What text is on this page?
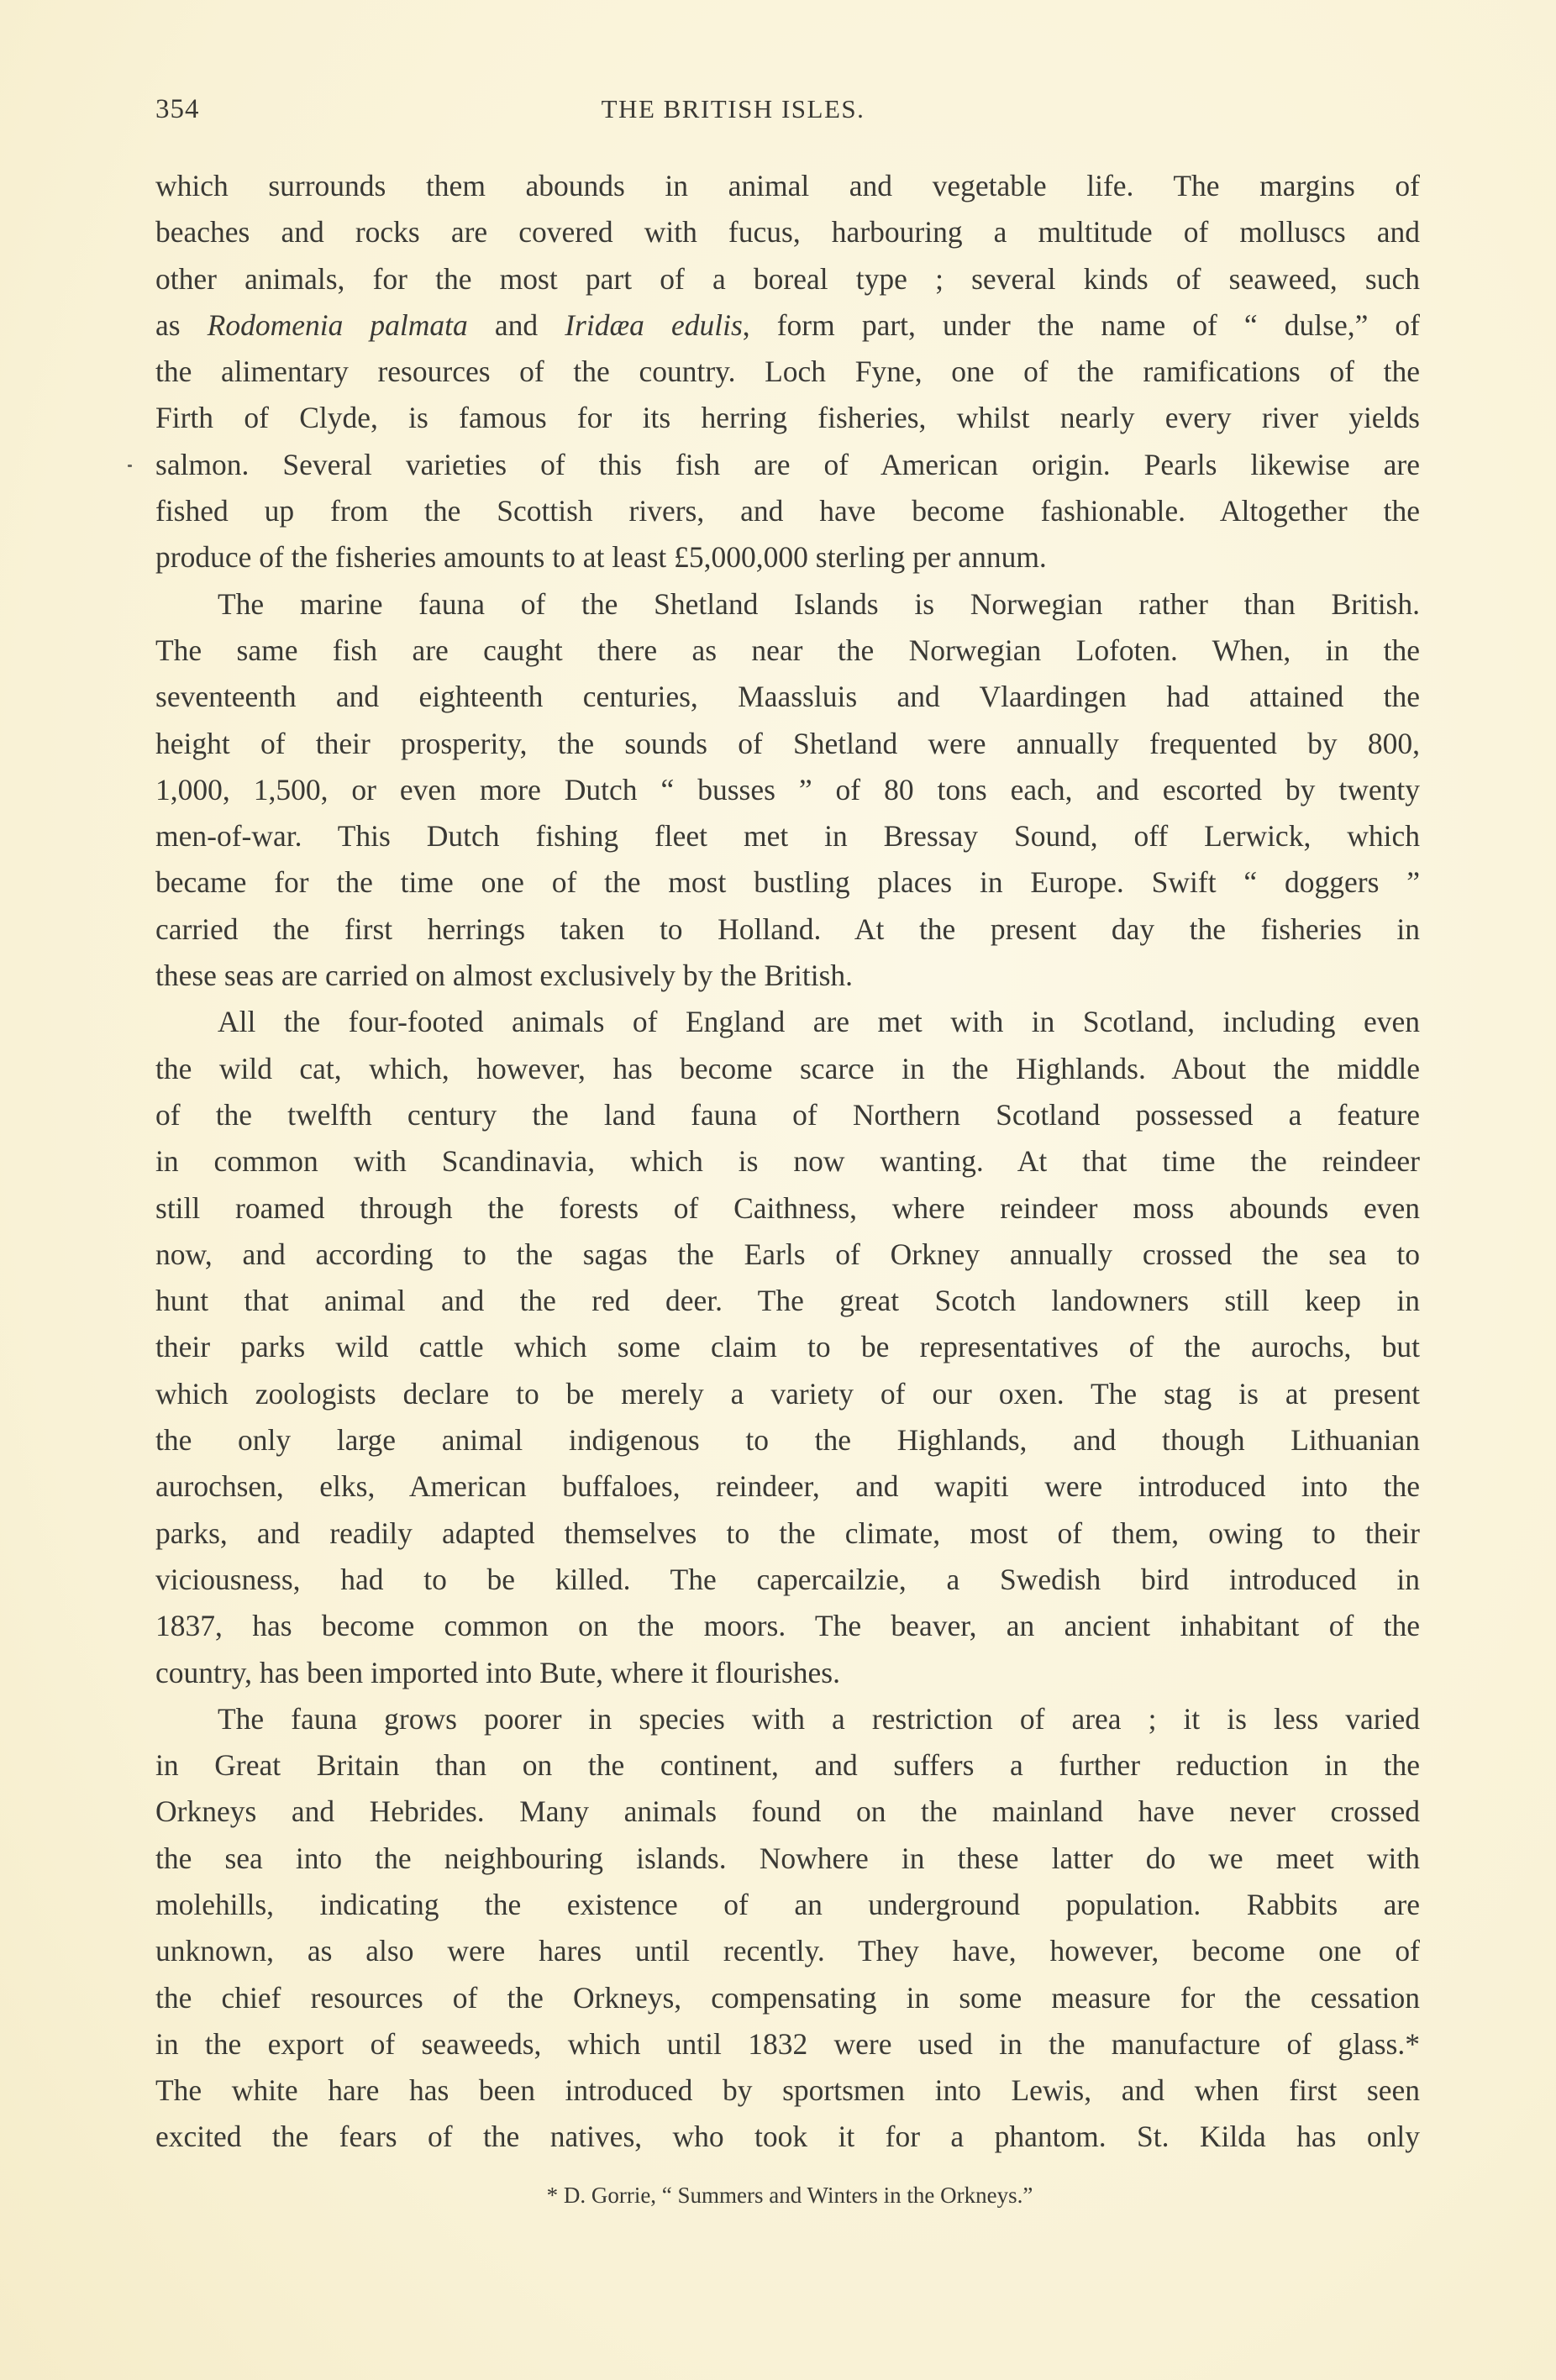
354	THE BRITISH ISLES.
which surrounds them abounds in animal and vegetable life. The margins of
beaches and rocks are covered with fucus, harbouring a multitude of molluscs and
other animals, for the most part of a boreal type ; several kinds of seaweed, such
as Rodomenia palmata and Iridæa edulis, form part, under the name of “ dulse,” of
the alimentary resources of the country. Loch Fyne, one of the ramifications of the
Firth of Clyde, is famous for its herring fisheries, whilst nearly every river yields
salmon. Several varieties of this fish are of American origin. Pearls likewise are
fished up from the Scottish rivers, and have become fashionable. Altogether the
produce of the fisheries amounts to at least £5,000,000 sterling per annum.
The marine fauna of the Shetland Islands is Norwegian rather than British.
The same fish are caught there as near the Norwegian Lofoten. When, in the
seventeenth and eighteenth centuries, Maassluis and Vlaardingen had attained the
height of their prosperity, the sounds of Shetland were annually frequented by 800,
1,000, 1,500, or even more Dutch “ busses ” of 80 tons each, and escorted by twenty
men-of-war. This Dutch fishing fleet met in Bressay Sound, off Lerwick, which
became for the time one of the most bustling places in Europe. Swift “ doggers ”
carried the first herrings taken to Holland. At the present day the fisheries in
these seas are carried on almost exclusively by the British.
All the four-footed animals of England are met with in Scotland, including even
the wild cat, which, however, has become scarce in the Highlands. About the middle
of the twelfth century the land fauna of Northern Scotland possessed a feature
in common with Scandinavia, which is now wanting. At that time the reindeer
still roamed through the forests of Caithness, where reindeer moss abounds even
now, and according to the sagas the Earls of Orkney annually crossed the sea to
hunt that animal and the red deer. The great Scotch landowners still keep in
their parks wild cattle which some claim to be representatives of the aurochs, but
which zoologists declare to be merely a variety of our oxen. The stag is at present
the only large animal indigenous to the Highlands, and though Lithuanian
aurochsen, elks, American buffaloes, reindeer, and wapiti were introduced into the
parks, and readily adapted themselves to the climate, most of them, owing to their
viciousness, had to be killed. The capercailzie, a Swedish bird introduced in
1837, has become common on the moors. The beaver, an ancient inhabitant of the
country, has been imported into Bute, where it flourishes.
The fauna grows poorer in species with a restriction of area ; it is less varied
in Great Britain than on the continent, and suffers a further reduction in the
Orkneys and Hebrides. Many animals found on the mainland have never crossed
the sea into the neighbouring islands. Nowhere in these latter do we meet with
molehills, indicating the existence of an underground population. Rabbits are
unknown, as also were hares until recently. They have, however, become one of
the chief resources of the Orkneys, compensating in some measure for the cessation
in the export of seaweeds, which until 1832 were used in the manufacture of glass.*
The white hare has been introduced by sportsmen into Lewis, and when first seen
excited the fears of the natives, who took it for a phantom. St. Kilda has only
* D. Gorrie, “ Summers and Winters in the Orkneys.”
